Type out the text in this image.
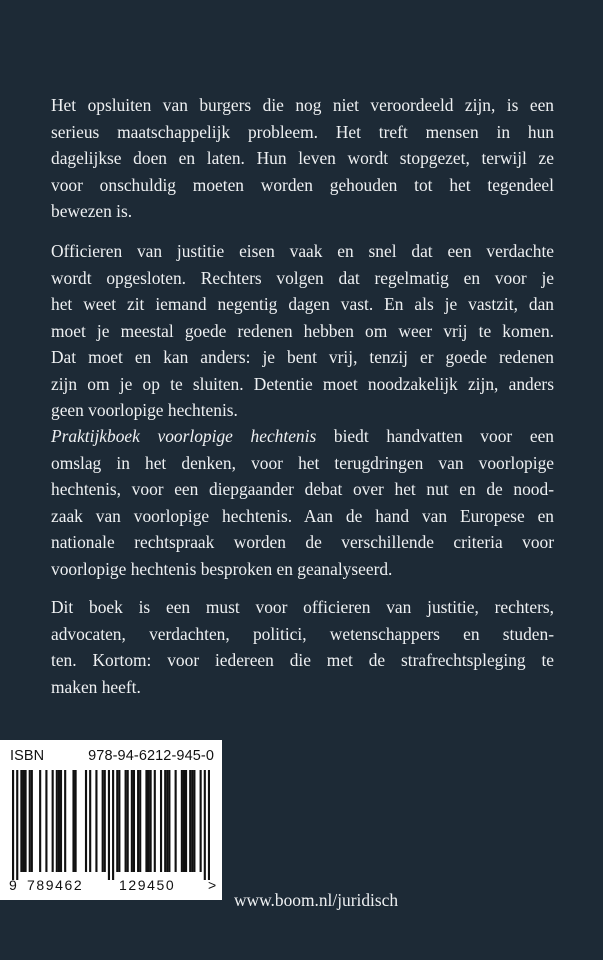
Het opsluiten van burgers die nog niet veroordeeld zijn, is een
serieus maatschappelijk probleem. Het treft mensen in hun
dagelijkse doen en laten. Hun leven wordt stopgezet, terwijl ze
voor onschuldig moeten worden gehouden tot het tegendeel
bewezen is.
Officieren van justitie eisen vaak en snel dat een verdachte
wordt opgesloten. Rechters volgen dat regelmatig en voor je
het weet zit iemand negentig dagen vast. En als je vastzit, dan
moet je meestal goede redenen hebben om weer vrij te komen.
Dat moet en kan anders: je bent vrij, tenzij er goede redenen
zijn om je op te sluiten. Detentie moet noodzakelijk zijn, anders
geen voorlopige hechtenis.
Praktijkboek voorlopige hechtenis biedt handvatten voor een
omslag in het denken, voor het terugdringen van voorlopige
hechtenis, voor een diepgaander debat over het nut en de nood-
zaak van voorlopige hechtenis. Aan de hand van Europese en
nationale rechtspraak worden de verschillende criteria voor
voorlopige hechtenis besproken en geanalyseerd.
Dit boek is een must voor officieren van justitie, rechters,
advocaten, verdachten, politici, wetenschappers en studen-
ten. Kortom: voor iedereen die met de strafrechtspleging te
maken heeft.
ISBN 978-94-6212-945-0
9 789462	129450 >
www.boom.nl/juridisch
